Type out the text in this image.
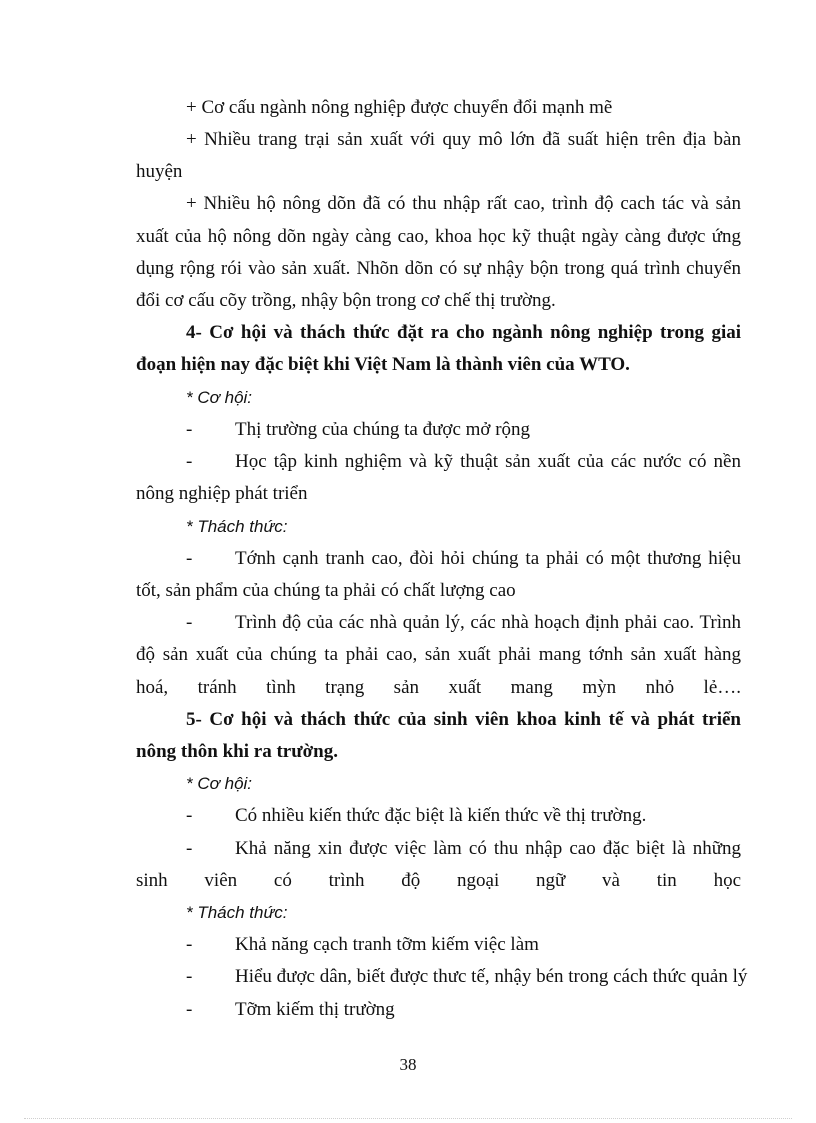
+ Cơ cấu ngành nông nghiệp được chuyển đổi mạnh mẽ
+ Nhiều trang trại sản xuất với quy mô lớn đã suất hiện trên địa bàn
huyện
+ Nhiều hộ nông dõn đã có thu nhập rất cao, trình độ cach tác và sản
xuất của hộ nông dõn ngày càng cao, khoa học kỹ thuật ngày càng được ứng
dụng rộng rói vào sản xuất. Nhõn dõn có sự nhậy bộn trong quá trình chuyển
đổi cơ cấu cõy trồng, nhậy bộn trong cơ chế thị trường.
4- Cơ hội và thách thức đặt ra cho ngành nông nghiệp trong giai
đoạn hiện nay đặc biệt khi Việt Nam là thành viên của WTO.
* Cơ hội:
- Thị trường của chúng ta được mở rộng
- Học tập kinh nghiệm và kỹ thuật sản xuất của các nước có nền
nông nghiệp phát triển
* Thách thức:
- Tớnh cạnh tranh cao, đòi hỏi chúng ta phải có một thương hiệu
tốt, sản phẩm của chúng ta phải có chất lượng cao
- Trình độ của các nhà quản lý, các nhà hoạch định phải cao. Trình
độ sản xuất của chúng ta phải cao, sản xuất phải mang tớnh sản xuất hàng
hoá, tránh tình trạng sản xuất mang mỳn nhỏ lẻ….
5- Cơ hội và thách thức của sinh viên khoa kinh tế và phát triển
nông thôn khi ra trường.
* Cơ hội:
- Có nhiều kiến thức đặc biệt là kiến thức về thị trường.
- Khả năng xin được việc làm có thu nhập cao đặc biệt là những
sinh viên có trình độ ngoại ngữ và tin học
* Thách thức:
- Khả năng cạch tranh tỡm kiếm việc làm
- Hiểu được dân, biết được thưc tế, nhậy bén trong cách thức quản lý
- Tỡm kiếm thị trường
38
